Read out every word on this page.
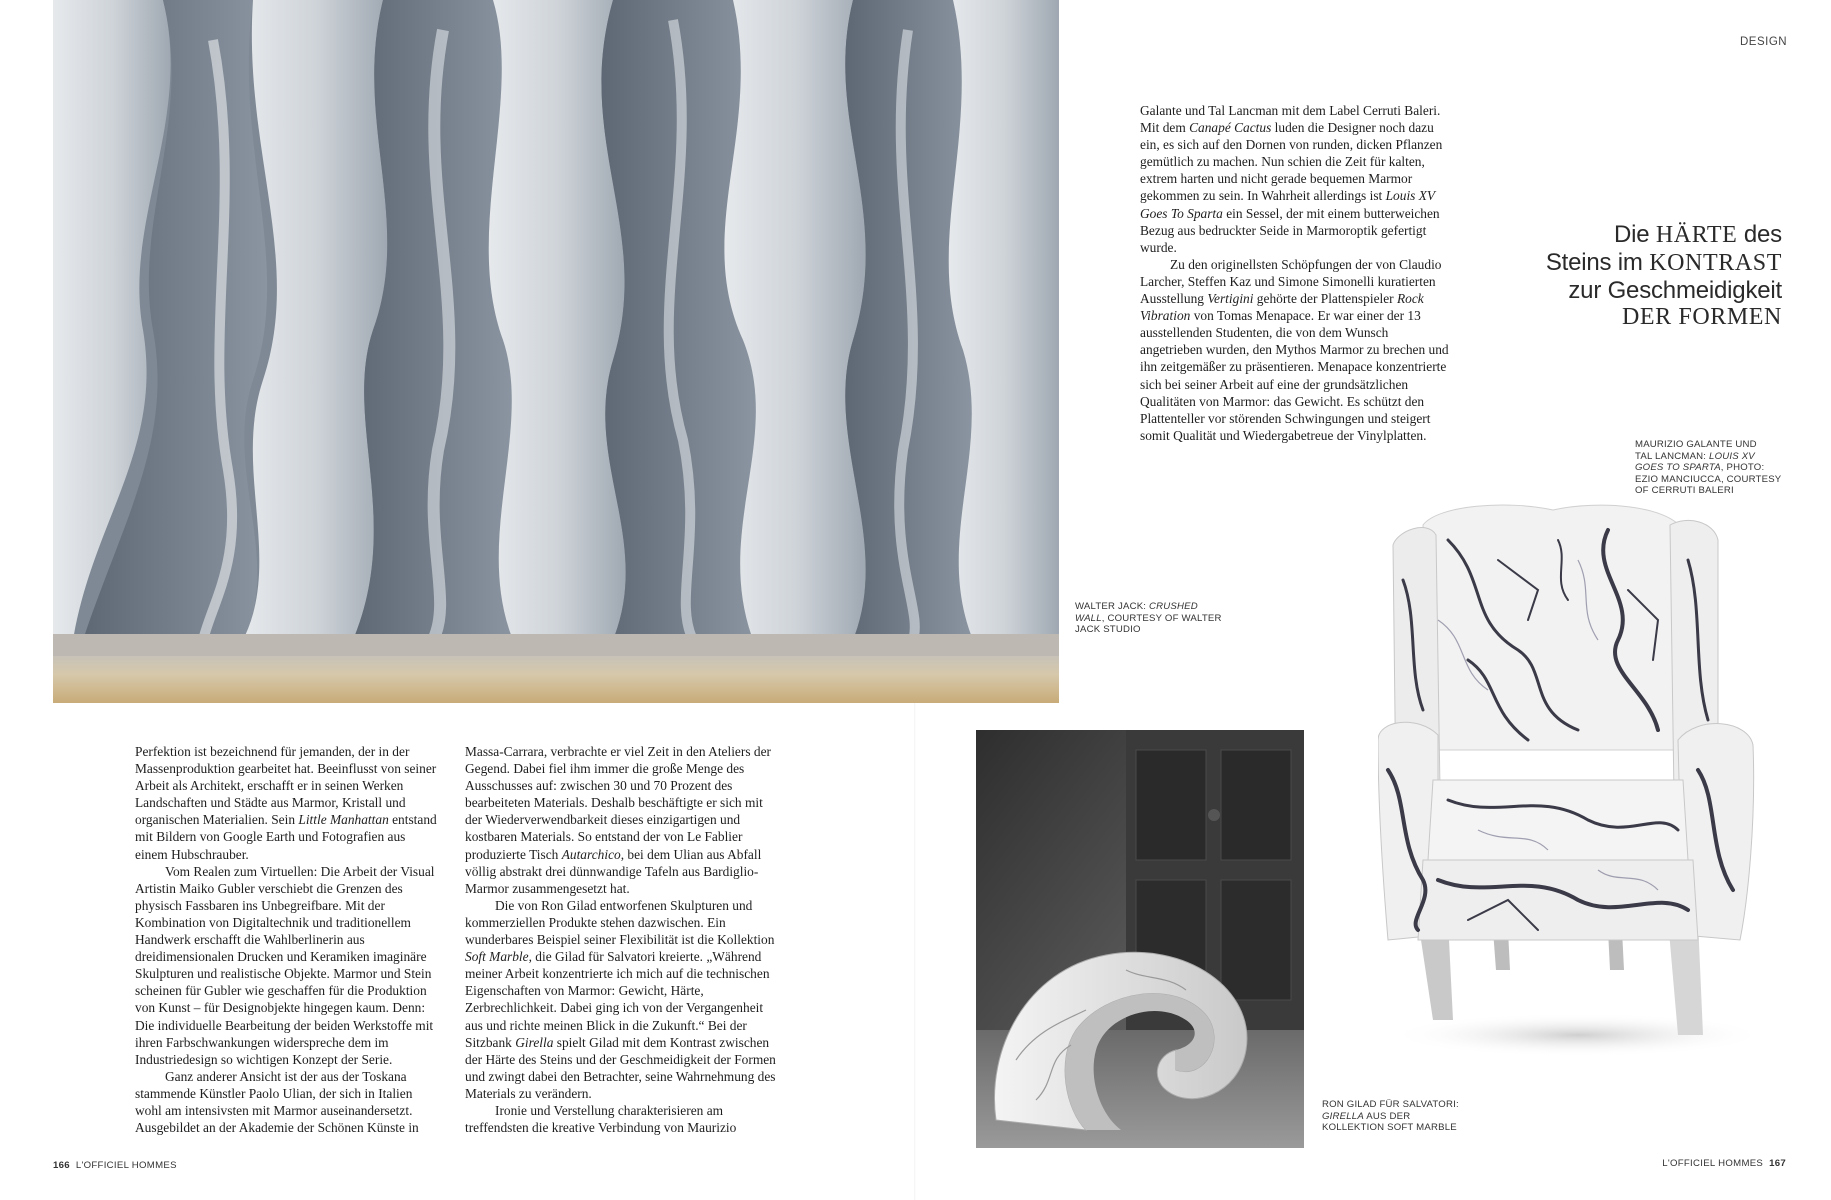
DESIGN

Galante und Tal Lancman mit dem Label Cerruti Baleri. Mit dem Canapé Cactus luden die Designer noch dazu ein, es sich auf den Dornen von runden, dicken Pflanzen gemütlich zu machen. Nun schien die Zeit für kalten, extrem harten und nicht gerade bequemen Marmor gekommen zu sein. In Wahrheit allerdings ist Louis XV Goes To Sparta ein Sessel, der mit einem butterweichen Bezug aus bedruckter Seide in Marmoroptik gefertigt wurde.

Zu den originellsten Schöpfungen der von Claudio Larcher, Steffen Kaz und Simone Simonelli kuratierten Ausstellung Vertigini gehörte der Plattenspieler Rock Vibration von Tomas Menapace. Er war einer der 13 ausstellenden Studenten, die von dem Wunsch angetrieben wurden, den Mythos Marmor zu brechen und ihn zeitgemäßer zu präsentieren. Menapace konzentrierte sich bei seiner Arbeit auf eine der grundsätzlichen Qualitäten von Marmor: das Gewicht. Es schützt den Plattenteller vor störenden Schwingungen und steigert somit Qualität und Wiedergabetreue der Vinylplatten.

Die HÄRTE des
Steins im KONTRAST
zur Geschmeidigkeit
DER FORMEN
MAURIZIO GALANTE UND
TAL LANCMAN: LOUIS XV
GOES TO SPARTA, PHOTO:
EZIO MANCIUCCA, COURTESY
OF CERRUTI BALERI
WALTER JACK: CRUSHED
WALL, COURTESY OF WALTER
JACK STUDIO
RON GILAD FÜR SALVATORI:
GIRELLA AUS DER
KOLLEKTION SOFT MARBLE

Perfektion ist bezeichnend für jemanden, der in der Massenproduktion gearbeitet hat. Beeinflusst von seiner Arbeit als Architekt, erschafft er in seinen Werken Landschaften und Städte aus Marmor, Kristall und organischen Materialien. Sein Little Manhattan entstand mit Bildern von Google Earth und Fotografien aus einem Hubschrauber.

Vom Realen zum Virtuellen: Die Arbeit der Visual Artistin Maiko Gubler verschiebt die Grenzen des physisch Fassbaren ins Unbegreifbare. Mit der Kombination von Digitaltechnik und traditionellem Handwerk erschafft die Wahlberlinerin aus dreidimensionalen Drucken und Keramiken imaginäre Skulpturen und realistische Objekte. Marmor und Stein scheinen für Gubler wie geschaffen für die Produktion von Kunst – für Designobjekte hingegen kaum. Denn: Die individuelle Bearbeitung der beiden Werkstoffe mit ihren Farbschwankungen widerspreche dem im Industriedesign so wichtigen Konzept der Serie.

Ganz anderer Ansicht ist der aus der Toskana stammende Künstler Paolo Ulian, der sich in Italien wohl am intensivsten mit Marmor auseinandersetzt. Ausgebildet an der Akademie der Schönen Künste in

Massa-Carrara, verbrachte er viel Zeit in den Ateliers der Gegend. Dabei fiel ihm immer die große Menge des Ausschusses auf: zwischen 30 und 70 Prozent des bearbeiteten Materials. Deshalb beschäftigte er sich mit der Wiederverwendbarkeit dieses einzigartigen und kostbaren Materials. So entstand der von Le Fablier produzierte Tisch Autarchico, bei dem Ulian aus Abfall völlig abstrakt drei dünnwandige Tafeln aus Bardiglio-Marmor zusammengesetzt hat.

Die von Ron Gilad entworfenen Skulpturen und kommerziellen Produkte stehen dazwischen. Ein wunderbares Beispiel seiner Flexibilität ist die Kollektion Soft Marble, die Gilad für Salvatori kreierte. „Während meiner Arbeit konzentrierte ich mich auf die technischen Eigenschaften von Marmor: Gewicht, Härte, Zerbrechlichkeit. Dabei ging ich von der Vergangenheit aus und richte meinen Blick in die Zukunft.“ Bei der Sitzbank Girella spielt Gilad mit dem Kontrast zwischen der Härte des Steins und der Geschmeidigkeit der Formen und zwingt dabei den Betrachter, seine Wahrnehmung des Materials zu verändern.

Ironie und Verstellung charakterisieren am treffendsten die kreative Verbindung von Maurizio

166 L'OFFICIEL HOMMES	L'OFFICIEL HOMMES 167
